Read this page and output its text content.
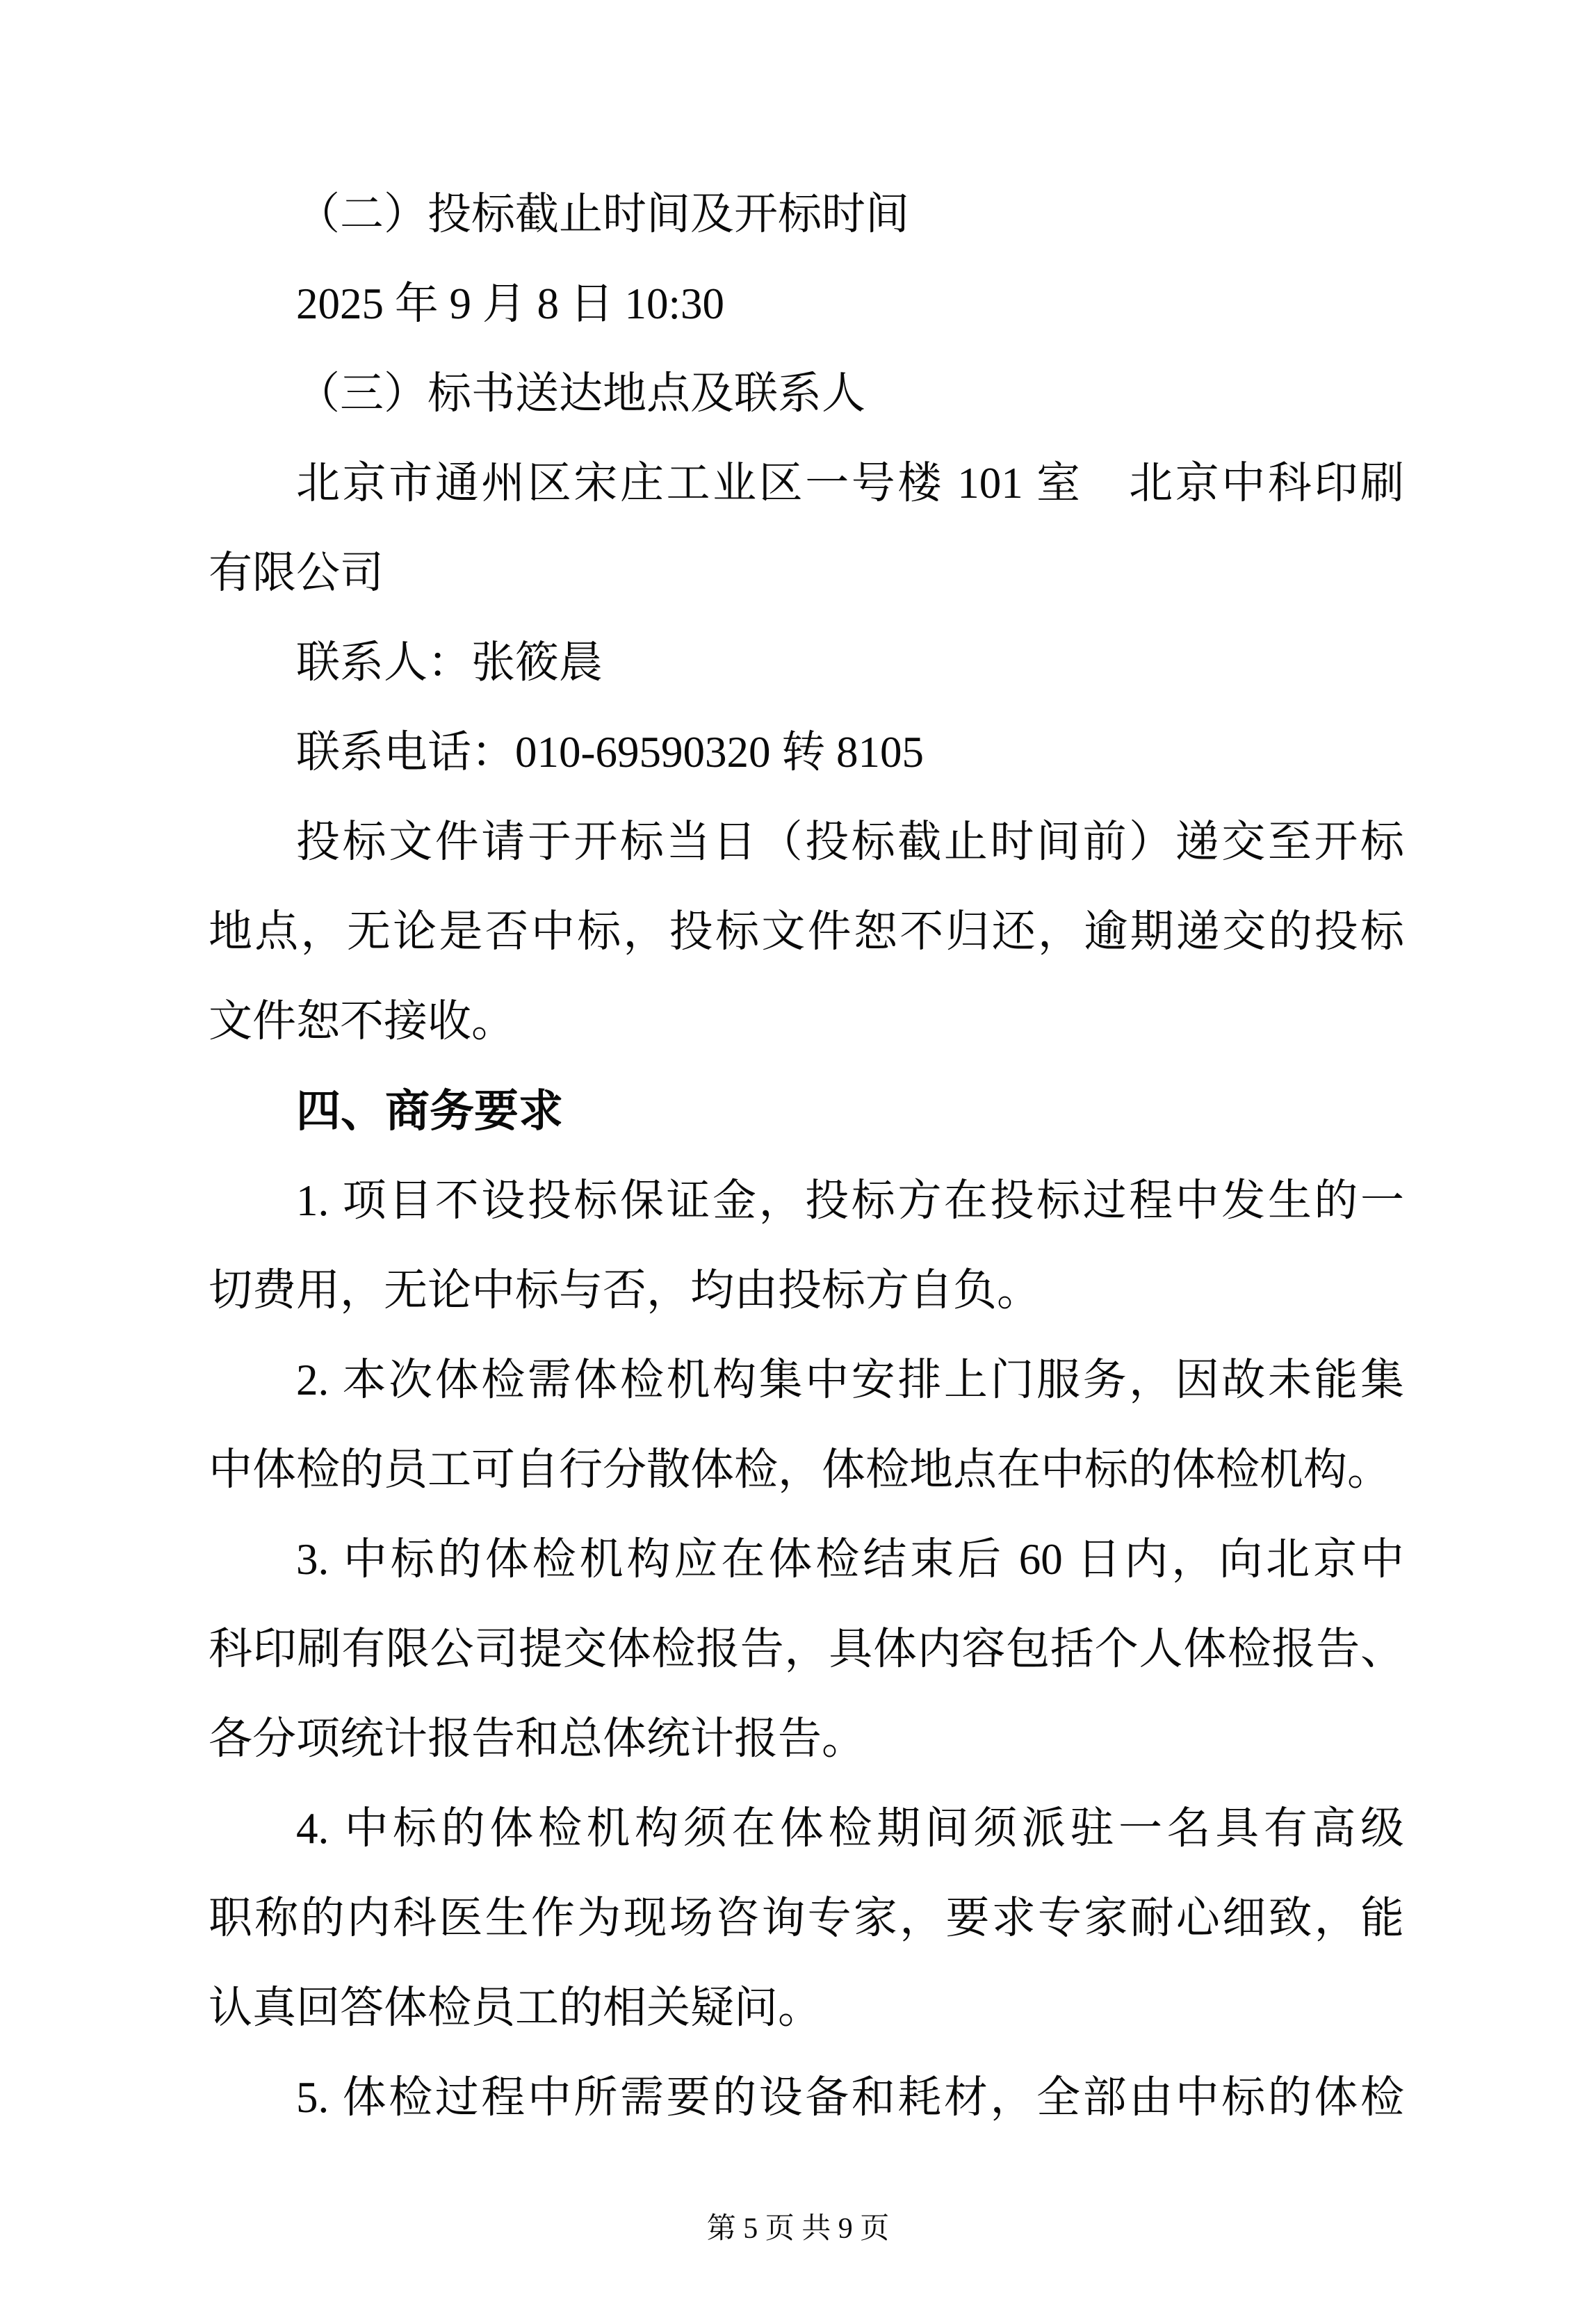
（二）投标截止时间及开标时间
2025 年 9 月 8 日 10:30
（三）标书送达地点及联系人
北京市通州区宋庄工业区一号楼 101 室　北京中科印刷
有限公司
联系人：张筱晨
联系电话：010-69590320 转 8105
投标文件请于开标当日（投标截止时间前）递交至开标
地点，无论是否中标，投标文件恕不归还，逾期递交的投标
文件恕不接收。
四、商务要求
1. 项目不设投标保证金，投标方在投标过程中发生的一
切费用，无论中标与否，均由投标方自负。
2. 本次体检需体检机构集中安排上门服务，因故未能集
中体检的员工可自行分散体检，体检地点在中标的体检机构。
3. 中标的体检机构应在体检结束后 60 日内，向北京中
科印刷有限公司提交体检报告，具体内容包括个人体检报告、
各分项统计报告和总体统计报告。
4. 中标的体检机构须在体检期间须派驻一名具有高级
职称的内科医生作为现场咨询专家，要求专家耐心细致，能
认真回答体检员工的相关疑问。
5. 体检过程中所需要的设备和耗材，全部由中标的体检
第 5 页 共 9 页
